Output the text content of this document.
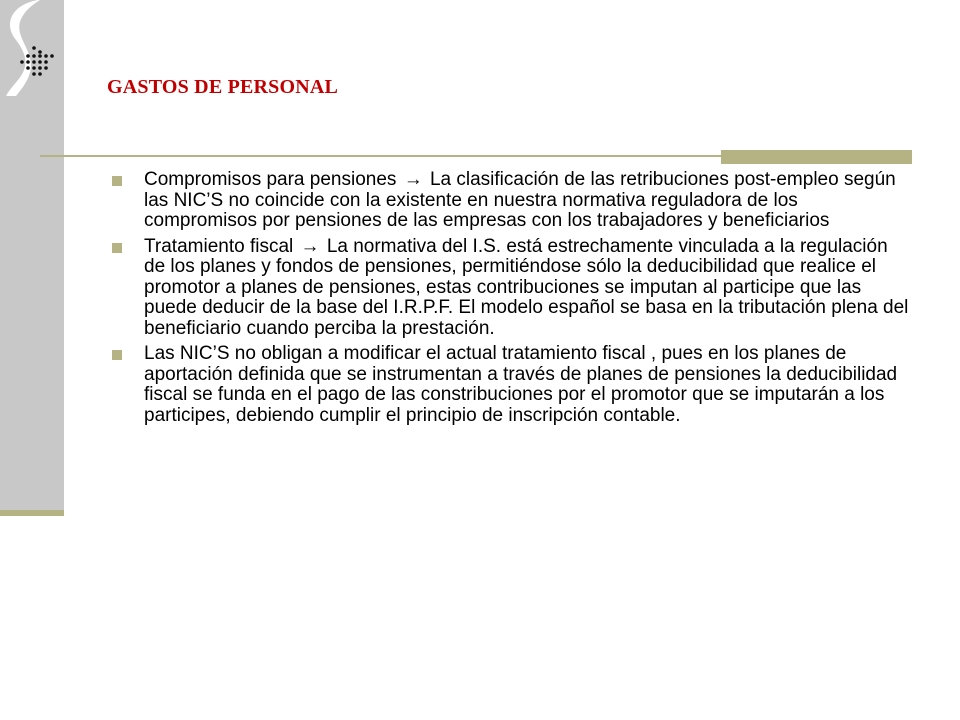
GASTOS DE PERSONAL
Compromisos para pensiones → La clasificación de las retribuciones post-empleo según las NIC’S no coincide con la existente en nuestra normativa reguladora de los compromisos por pensiones de las empresas con los trabajadores y beneficiarios
Tratamiento fiscal → La normativa del I.S. está estrechamente vinculada a la regulación de los planes y fondos de pensiones, permitiéndose sólo la deducibilidad que realice el promotor a planes de pensiones, estas contribuciones se imputan al participe que las puede deducir de la base del I.R.P.F. El modelo español se basa en la tributación plena del beneficiario cuando perciba la prestación.
Las NIC’S no obligan a modificar el actual tratamiento fiscal , pues en los planes de aportación definida que se instrumentan a través de planes de pensiones la deducibilidad fiscal se funda en el pago de las constribuciones por el promotor que se imputarán a los participes, debiendo cumplir el principio de inscripción contable.
